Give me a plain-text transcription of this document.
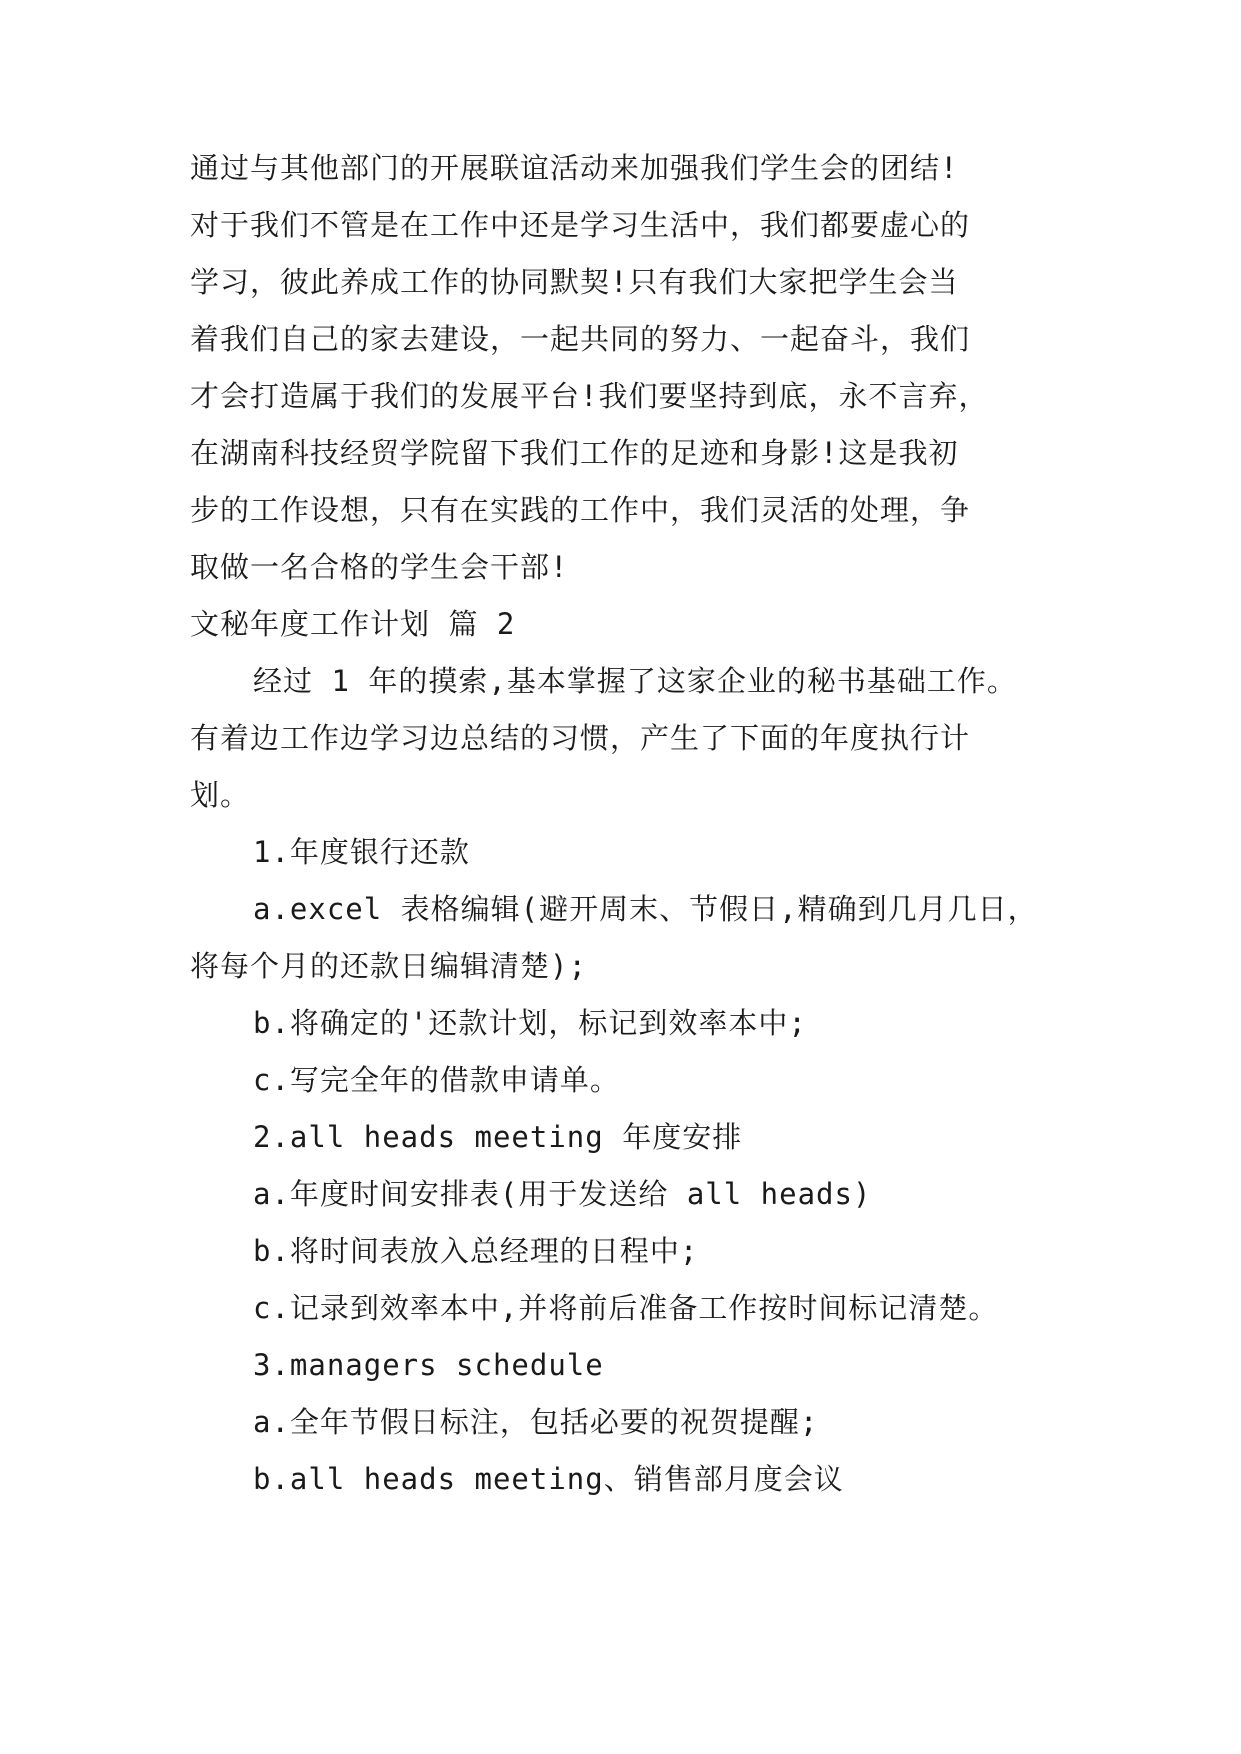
通过与其他部门的开展联谊活动来加强我们学生会的团结!
对于我们不管是在工作中还是学习生活中，我们都要虚心的
学习，彼此养成工作的协同默契!只有我们大家把学生会当
着我们自己的家去建设，一起共同的努力、一起奋斗，我们
才会打造属于我们的发展平台!我们要坚持到底，永不言弃，
在湖南科技经贸学院留下我们工作的足迹和身影!这是我初
步的工作设想，只有在实践的工作中，我们灵活的处理，争
取做一名合格的学生会干部!
文秘年度工作计划 篇 2
经过 1 年的摸索,基本掌握了这家企业的秘书基础工作。
有着边工作边学习边总结的习惯，产生了下面的年度执行计
划。
1.年度银行还款
a.excel 表格编辑(避开周末、节假日,精确到几月几日，
将每个月的还款日编辑清楚);
b.将确定的'还款计划，标记到效率本中;
c.写完全年的借款申请单。
2.all heads meeting 年度安排
a.年度时间安排表(用于发送给 all heads)
b.将时间表放入总经理的日程中;
c.记录到效率本中,并将前后准备工作按时间标记清楚。
3.managers schedule
a.全年节假日标注，包括必要的祝贺提醒;
b.all heads meeting、销售部月度会议
